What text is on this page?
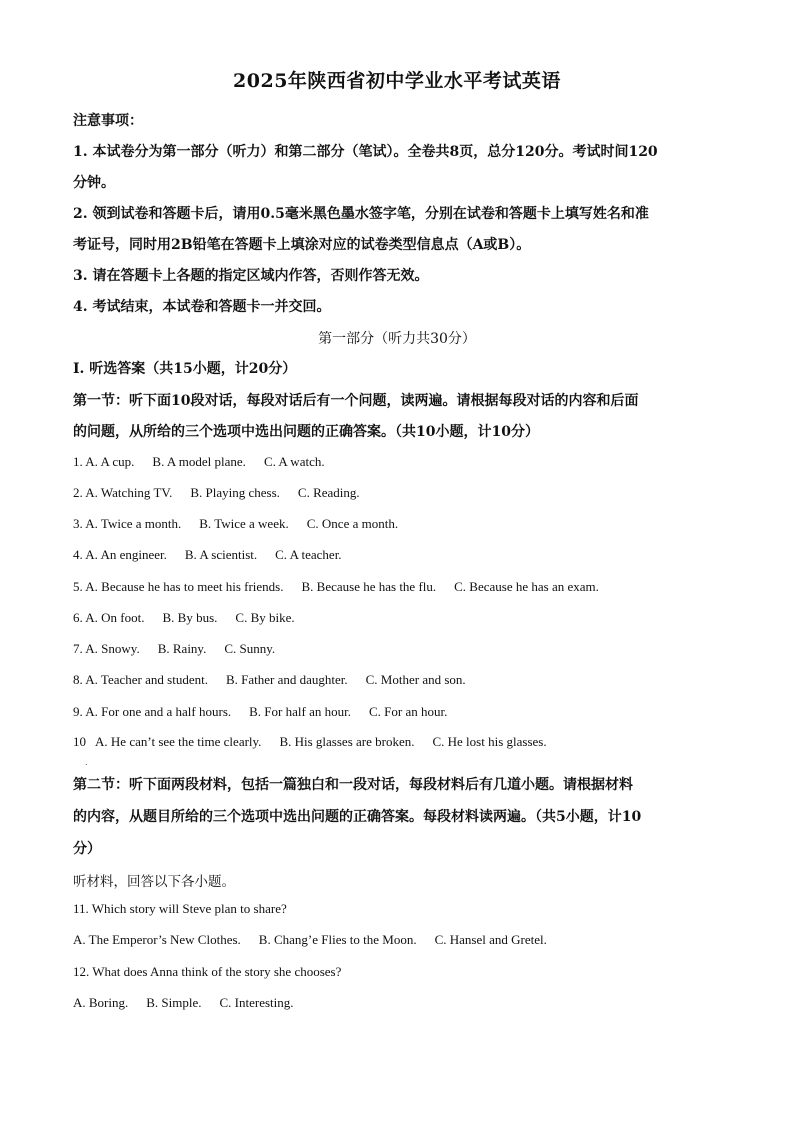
2025年陕西省初中学业水平考试英语
注意事项：
1. 本试卷分为第一部分（听力）和第二部分（笔试）。全卷共8页，总分120分。考试时间120
分钟。
2. 领到试卷和答题卡后，请用0.5毫米黑色墨水签字笔，分别在试卷和答题卡上填写姓名和准
考证号，同时用2B铅笔在答题卡上填涂对应的试卷类型信息点（A或B）。
3. 请在答题卡上各题的指定区域内作答，否则作答无效。
4. 考试结束，本试卷和答题卡一并交回。
第一部分（听力共30分）
I. 听选答案（共15小题，计20分）
第一节：听下面10段对话，每段对话后有一个问题，读两遍。请根据每段对话的内容和后面
的问题，从所给的三个选项中选出问题的正确答案。（共10小题，计10分）
1. A. A cup. B. A model plane. C. A watch.
2. A. Watching TV. B. Playing chess. C. Reading.
3. A. Twice a month. B. Twice a week. C. Once a month.
4. A. An engineer. B. A scientist. C. A teacher.
5. A. Because he has to meet his friends. B. Because he has the flu. C. Because he has an exam.
6. A. On foot. B. By bus. C. By bike.
7. A. Snowy. B. Rainy. C. Sunny.
8. A. Teacher and student. B. Father and daughter. C. Mother and son.
9. A. For one and a half hours. B. For half an hour. C. For an hour.
10   A. He can’t see the time clearly. B. His glasses are broken. C. He lost his glasses.
.
第二节：听下面两段材料，包括一篇独白和一段对话，每段材料后有几道小题。请根据材料
的内容，从题目所给的三个选项中选出问题的正确答案。每段材料读两遍。（共5小题，计10
分）
听材料，回答以下各小题。
11. Which story will Steve plan to share?
A. The Emperor’s New Clothes. B. Chang’e Flies to the Moon. C. Hansel and Gretel.
12. What does Anna think of the story she chooses?
A. Boring. B. Simple. C. Interesting.
